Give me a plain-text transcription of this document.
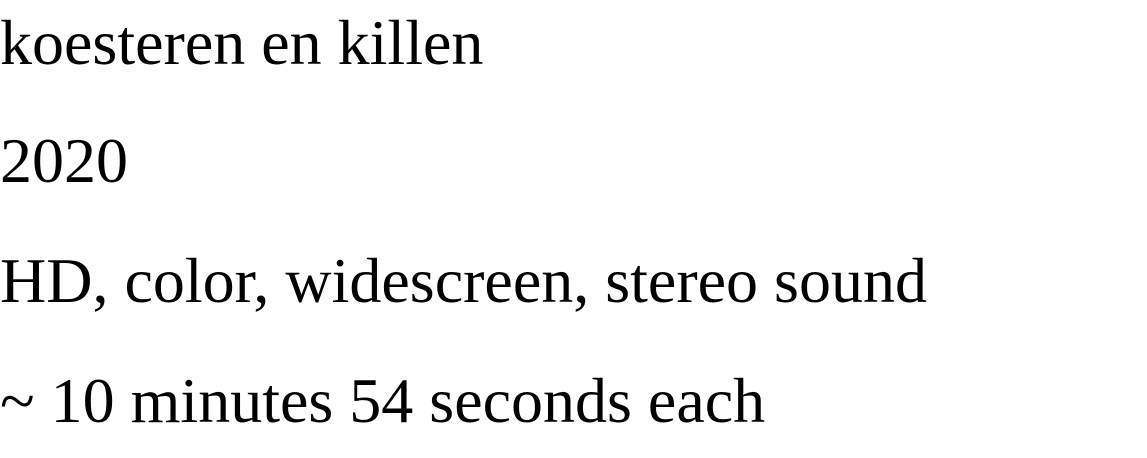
koesteren en killen

2020

HD, color, widescreen, stereo sound

~ 10 minutes 54 seconds each
